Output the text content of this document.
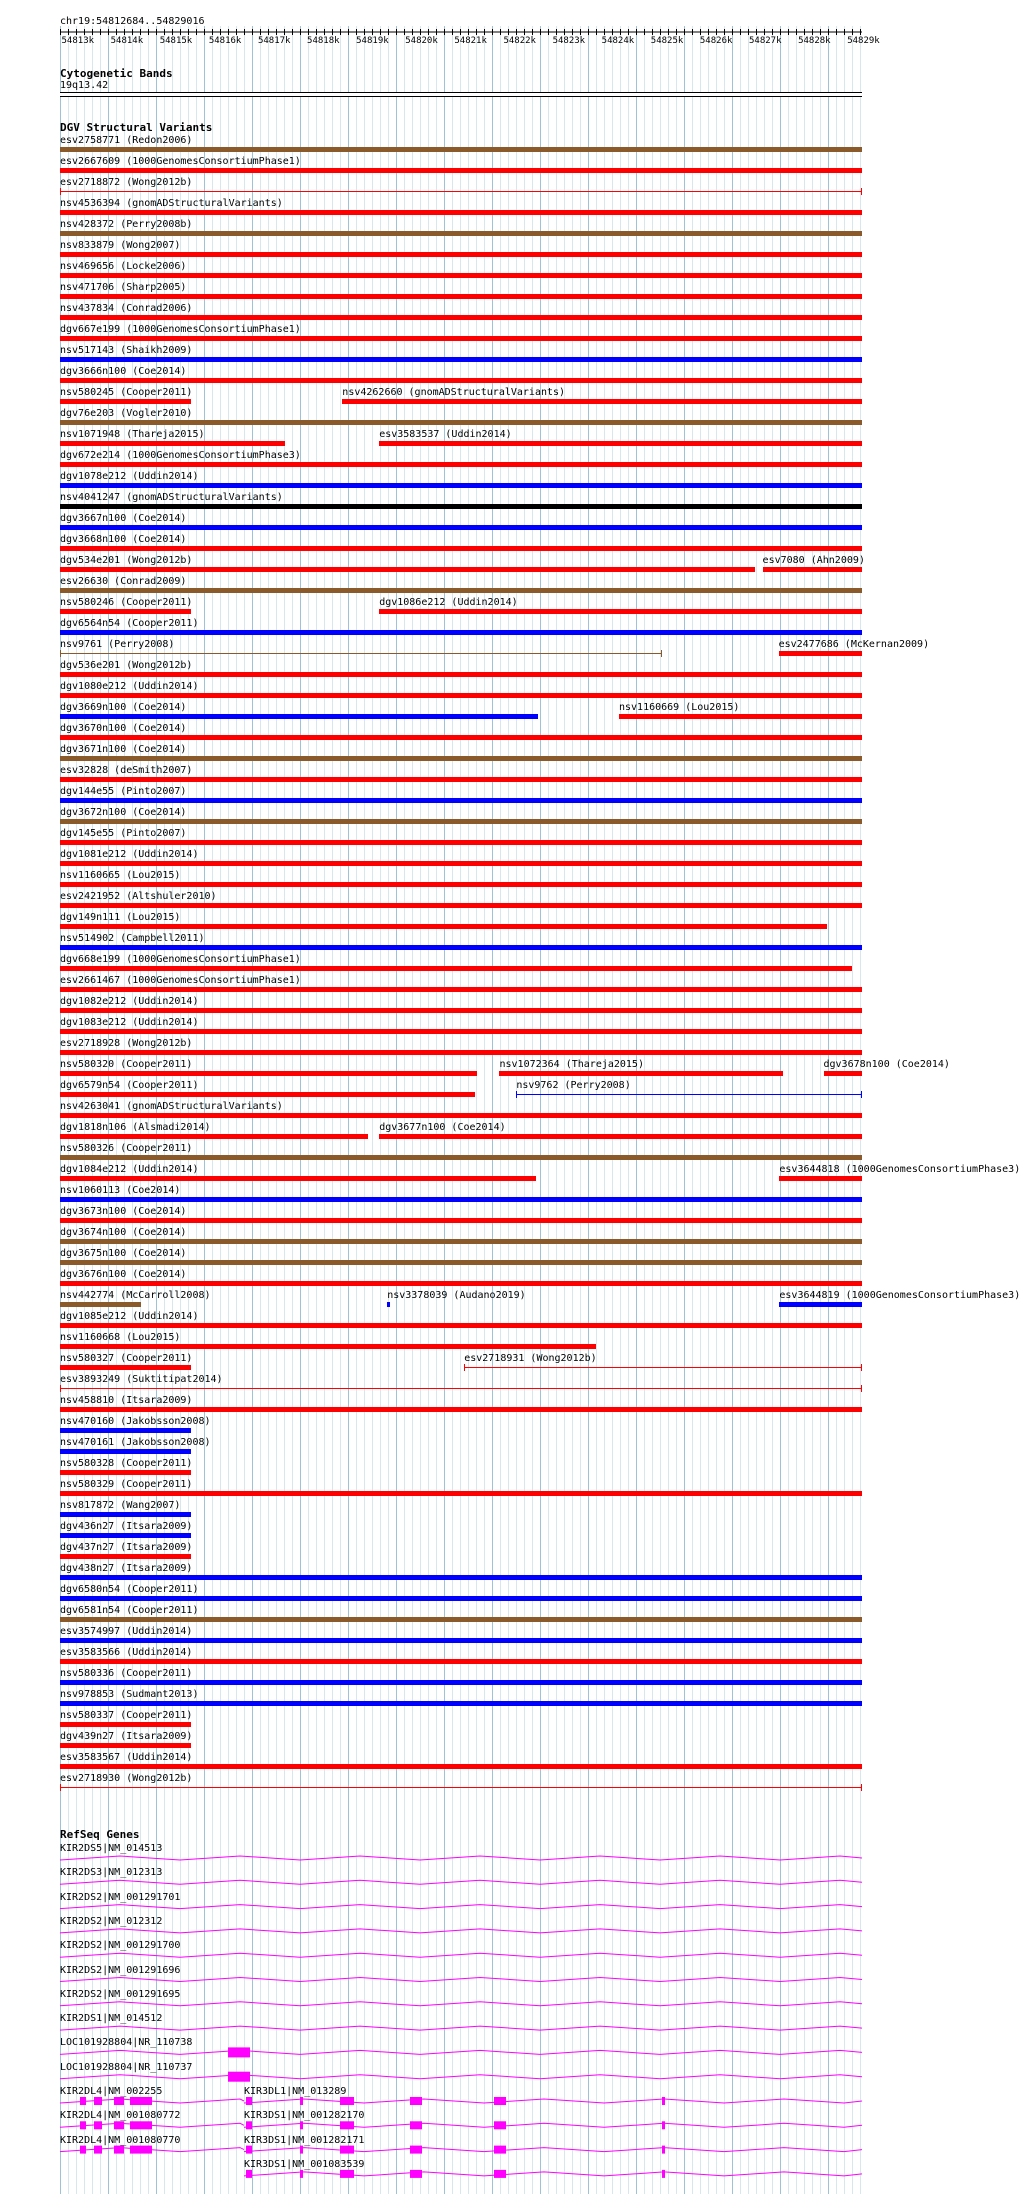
chr19:54812684..54829016
54813k 54814k 54815k 54816k 54817k 54818k 54819k 54820k 54821k 54822k 54823k 54824k 54825k 54826k 54827k 54828k 54829k
Cytogenetic Bands
19q13.42
DGV Structural Variants
esv2758771 (Redon2006)
esv2667609 (1000GenomesConsortiumPhase1)
esv2718872 (Wong2012b)
nsv4536394 (gnomADStructuralVariants)
nsv428372 (Perry2008b)
nsv833879 (Wong2007)
nsv469656 (Locke2006)
nsv471706 (Sharp2005)
nsv437834 (Conrad2006)
dgv667e199 (1000GenomesConsortiumPhase1)
nsv517143 (Shaikh2009)
dgv3666n100 (Coe2014)
nsv580245 (Cooper2011)	nsv4262660 (gnomADStructuralVariants)
dgv76e203 (Vogler2010)
nsv1071948 (Thareja2015)	esv3583537 (Uddin2014)
dgv672e214 (1000GenomesConsortiumPhase3)
dgv1078e212 (Uddin2014)
nsv4041247 (gnomADStructuralVariants)
dgv3667n100 (Coe2014)
dgv3668n100 (Coe2014)
dgv534e201 (Wong2012b)	esv7080 (Ahn2009)
esv26630 (Conrad2009)
nsv580246 (Cooper2011)	dgv1086e212 (Uddin2014)
dgv6564n54 (Cooper2011)
nsv9761 (Perry2008)	esv2477686 (McKernan2009)
dgv536e201 (Wong2012b)
dgv1080e212 (Uddin2014)
dgv3669n100 (Coe2014)	nsv1160669 (Lou2015)
dgv3670n100 (Coe2014)
dgv3671n100 (Coe2014)
esv32828 (deSmith2007)
dgv144e55 (Pinto2007)
dgv3672n100 (Coe2014)
dgv145e55 (Pinto2007)
dgv1081e212 (Uddin2014)
nsv1160665 (Lou2015)
esv2421952 (Altshuler2010)
dgv149n111 (Lou2015)
nsv514902 (Campbell2011)
dgv668e199 (1000GenomesConsortiumPhase1)
esv2661467 (1000GenomesConsortiumPhase1)
dgv1082e212 (Uddin2014)
dgv1083e212 (Uddin2014)
esv2718928 (Wong2012b)
nsv580320 (Cooper2011)	nsv1072364 (Thareja2015)	dgv3678n100 (Coe2014)
dgv6579n54 (Cooper2011)	nsv9762 (Perry2008)
nsv4263041 (gnomADStructuralVariants)
dgv1818n106 (Alsmadi2014)	dgv3677n100 (Coe2014)
nsv580326 (Cooper2011)
dgv1084e212 (Uddin2014)	esv3644818 (1000GenomesConsortiumPhase3)
nsv1060113 (Coe2014)
dgv3673n100 (Coe2014)
dgv3674n100 (Coe2014)
dgv3675n100 (Coe2014)
dgv3676n100 (Coe2014)
nsv442774 (McCarroll2008)	nsv3378039 (Audano2019)	esv3644819 (1000GenomesConsortiumPhase3)
dgv1085e212 (Uddin2014)
nsv1160668 (Lou2015)
nsv580327 (Cooper2011)	esv2718931 (Wong2012b)
esv3893249 (Suktitipat2014)
nsv458810 (Itsara2009)
nsv470160 (Jakobsson2008)
nsv470161 (Jakobsson2008)
nsv580328 (Cooper2011)
nsv580329 (Cooper2011)
nsv817872 (Wang2007)
dgv436n27 (Itsara2009)
dgv437n27 (Itsara2009)
dgv438n27 (Itsara2009)
dgv6580n54 (Cooper2011)
dgv6581n54 (Cooper2011)
esv3574997 (Uddin2014)
esv3583566 (Uddin2014)
nsv580336 (Cooper2011)
nsv978853 (Sudmant2013)
nsv580337 (Cooper2011)
dgv439n27 (Itsara2009)
esv3583567 (Uddin2014)
esv2718930 (Wong2012b)
RefSeq Genes
KIR2DS5|NM_014513
KIR2DS3|NM_012313
KIR2DS2|NM_001291701
KIR2DS2|NM_012312
KIR2DS2|NM_001291700
KIR2DS2|NM_001291696
KIR2DS2|NM_001291695
KIR2DS1|NM_014512
LOC101928804|NR_110738
LOC101928804|NR_110737
KIR2DL4|NM_002255	KIR3DL1|NM_013289
KIR2DL4|NM_001080772	KIR3DS1|NM_001282170
KIR2DL4|NM_001080770	KIR3DS1|NM_001282171
KIR3DS1|NM_001083539
